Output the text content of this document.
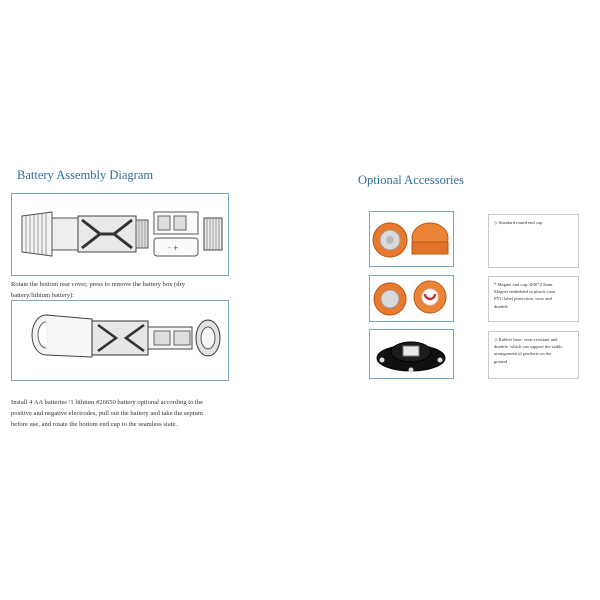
Battery Assembly Diagram
- +
Rotate the bottom rear cover, press to remove the battery box (dry
battery/lithium battery):
Install 4 AA batteries /1 lithium #26650 battery optional according to the
positive and negative electrodes, pull out the battery and take the septum
before use, and rotate the bottom end cup to the seamless state.
Optional Accessories
◇ Standard round end cup
* Magnet end cup, Φ30*2.5mm
Magnet embedded in plastic case,
PVC label protection, wear and
durable
◇ Rubber base: wear-resistant and
durable, which can support the stable
arrangement of products on the
ground
